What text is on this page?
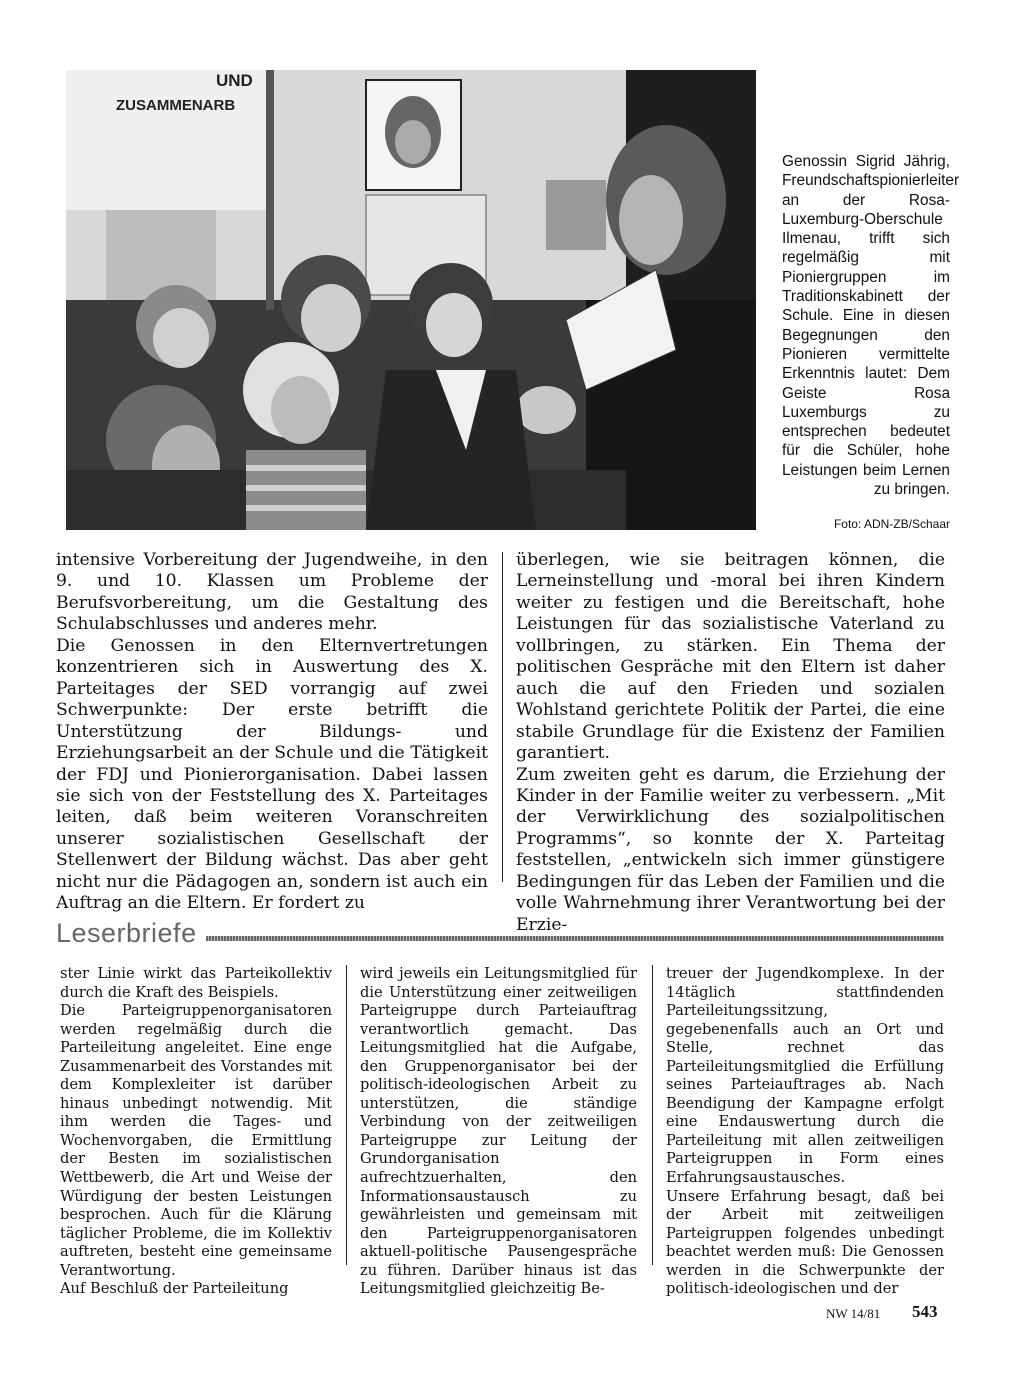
UND
ZUSAMMENARB
Genossin Sigrid Jährig, Freundschaftspionierleiter an der Rosa-Luxemburg-Oberschule Ilmenau, trifft sich regelmäßig mit Pioniergruppen im Traditionskabinett der Schule. Eine in diesen Begegnungen den Pionieren vermittelte Erkenntnis lautet: Dem Geiste Rosa Luxemburgs zu entsprechen bedeutet für die Schüler, hohe Leistungen beim Lernen zu bringen.
Foto: ADN-ZB/Schaar

intensive Vorbereitung der Jugendweihe, in den 9. und 10. Klassen um Probleme der Berufsvorbereitung, um die Gestaltung des Schulabschlusses und anderes mehr.

Die Genossen in den Elternvertretungen konzentrieren sich in Auswertung des X. Parteitages der SED vorrangig auf zwei Schwerpunkte: Der erste betrifft die Unterstützung der Bildungs- und Erziehungsarbeit an der Schule und die Tätigkeit der FDJ und Pionierorganisation. Dabei lassen sie sich von der Feststellung des X. Parteitages leiten, daß beim weiteren Voranschreiten unserer sozialistischen Gesellschaft der Stellenwert der Bildung wächst. Das aber geht nicht nur die Pädagogen an, sondern ist auch ein Auftrag an die Eltern. Er fordert zu

überlegen, wie sie beitragen können, die Lerneinstellung und -moral bei ihren Kindern weiter zu festigen und die Bereitschaft, hohe Leistungen für das sozialistische Vaterland zu vollbringen, zu stärken. Ein Thema der politischen Gespräche mit den Eltern ist daher auch die auf den Frieden und sozialen Wohlstand gerichtete Politik der Partei, die eine stabile Grundlage für die Existenz der Familien garantiert.

Zum zweiten geht es darum, die Erziehung der Kinder in der Familie weiter zu verbessern. „Mit der Verwirklichung des sozialpolitischen Programms“, so konnte der X. Parteitag feststellen, „entwickeln sich immer günstigere Bedingungen für das Leben der Familien und die volle Wahrnehmung ihrer Verantwortung bei der Erzie-

Leserbriefe

ster Linie wirkt das Parteikollektiv durch die Kraft des Beispiels.

Die Parteigruppenorganisatoren werden regelmäßig durch die Parteileitung angeleitet. Eine enge Zusammenarbeit des Vorstandes mit dem Komplexleiter ist darüber hinaus unbedingt notwendig. Mit ihm werden die Tages- und Wochenvorgaben, die Ermittlung der Besten im sozialistischen Wettbewerb, die Art und Weise der Würdigung der besten Leistungen besprochen. Auch für die Klärung täglicher Probleme, die im Kollektiv auftreten, besteht eine gemeinsame Verantwortung.

Auf Beschluß der Parteileitung

wird jeweils ein Leitungsmitglied für die Unterstützung einer zeitweiligen Parteigruppe durch Parteiauftrag verantwortlich gemacht. Das Leitungsmitglied hat die Aufgabe, den Gruppenorganisator bei der politisch-ideologischen Arbeit zu unterstützen, die ständige Verbindung von der zeitweiligen Parteigruppe zur Leitung der Grundorganisation aufrechtzuerhalten, den Informationsaustausch zu gewährleisten und gemeinsam mit den Parteigruppenorganisatoren aktuell-politische Pausengespräche zu führen. Darüber hinaus ist das Leitungsmitglied gleichzeitig Be-

treuer der Jugendkomplexe. In der 14täglich stattfindenden Parteileitungssitzung, gegebenenfalls auch an Ort und Stelle, rechnet das Parteileitungsmitglied die Erfüllung seines Parteiauftrages ab. Nach Beendigung der Kampagne erfolgt eine Endauswertung durch die Parteileitung mit allen zeitweiligen Parteigruppen in Form eines Erfahrungsaustausches.

Unsere Erfahrung besagt, daß bei der Arbeit mit zeitweiligen Parteigruppen folgendes unbedingt beachtet werden muß: Die Genossen werden in die Schwerpunkte der politisch-ideologischen und der

NW 14/81 543
